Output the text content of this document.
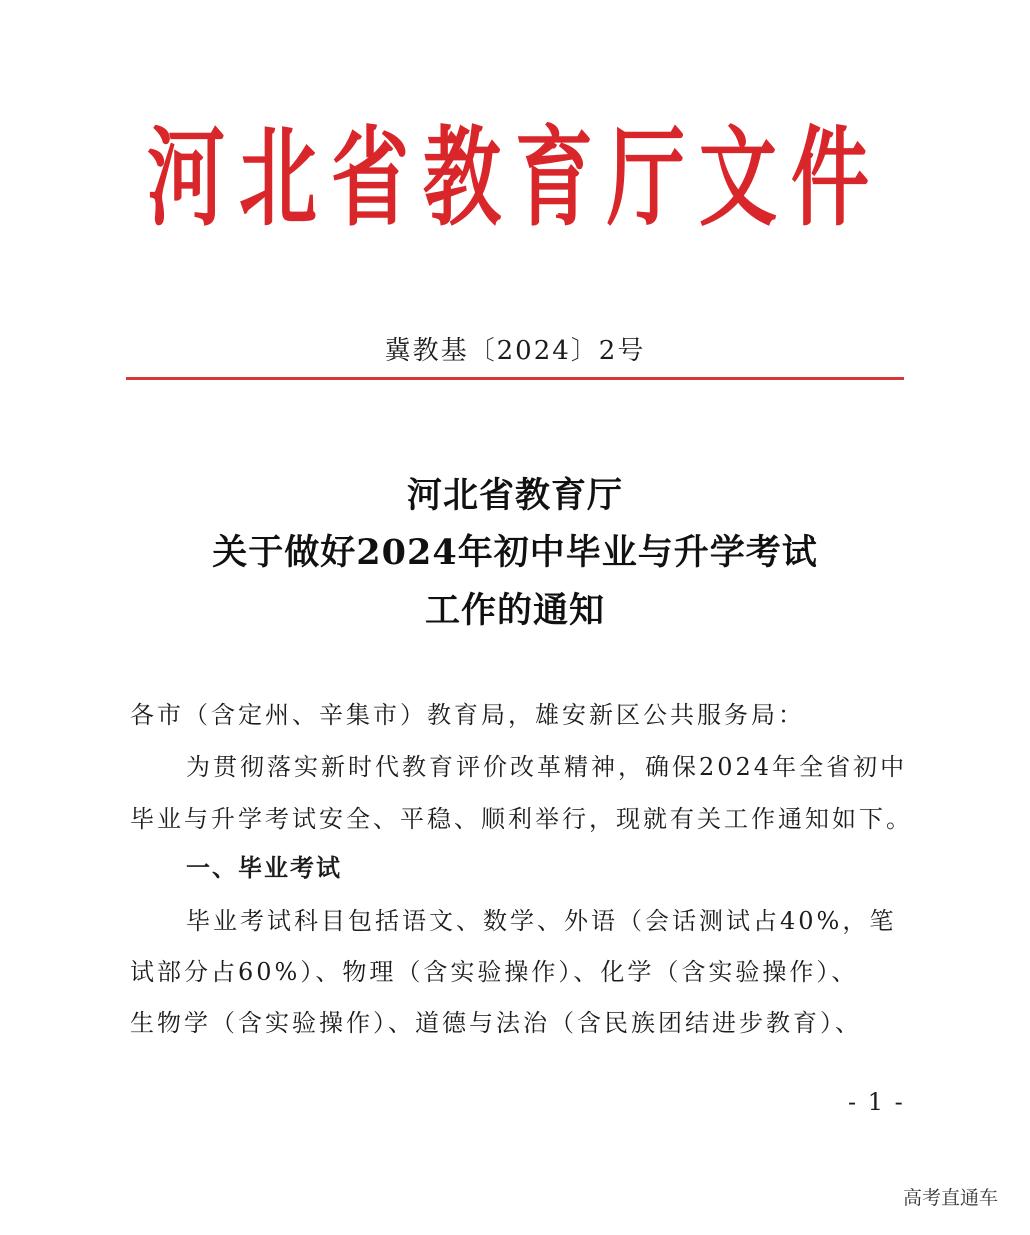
河北省教育厅文件
冀教基〔2024〕2号
河北省教育厅
关于做好2024年初中毕业与升学考试
工作的通知
各市（含定州、辛集市）教育局，雄安新区公共服务局：
为贯彻落实新时代教育评价改革精神，确保2024年全省初中
毕业与升学考试安全、平稳、顺利举行，现就有关工作通知如下。
一、毕业考试
毕业考试科目包括语文、数学、外语（会话测试占40%，笔
试部分占60%）、物理（含实验操作）、化学（含实验操作）、
生物学（含实验操作）、道德与法治（含民族团结进步教育）、
- 1 -
高考直通车
